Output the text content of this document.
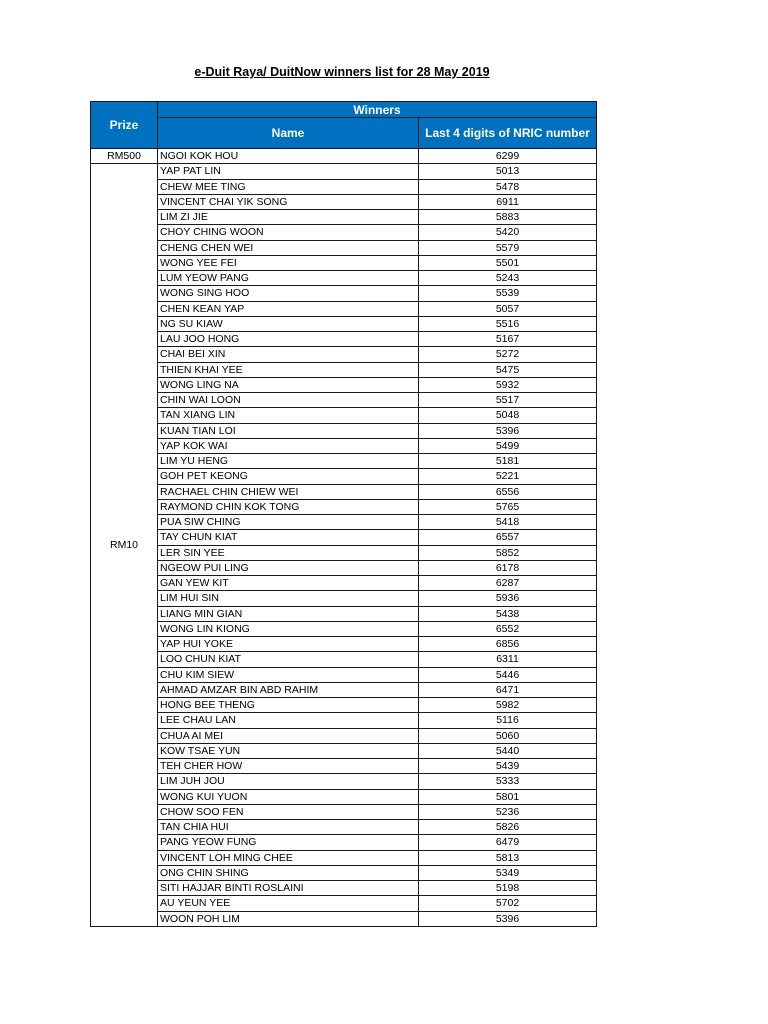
e-Duit Raya/ DuitNow winners list for 28 May 2019
Prize	Winners	
	Name	Last 4 digits of NRIC number
RM500	NGOI KOK HOU	6299
RM10	YAP PAT LIN	5013
	CHEW MEE TING	5478
	VINCENT CHAI YIK SONG	6911
	LIM ZI JIE	5883
	CHOY CHING WOON	5420
	CHENG CHEN WEI	5579
	WONG YEE FEI	5501
	LUM YEOW PANG	5243
	WONG SING HOO	5539
	CHEN KEAN YAP	5057
	NG SU KIAW	5516
	LAU JOO HONG	5167
	CHAI BEI XIN	5272
	THIEN KHAI YEE	5475
	WONG LING NA	5932
	CHIN WAI LOON	5517
	TAN XIANG LIN	5048
	KUAN TIAN LOI	5396
	YAP KOK WAI	5499
	LIM YU HENG	5181
	GOH PET KEONG	5221
	RACHAEL CHIN CHIEW WEI	6556
	RAYMOND CHIN KOK TONG	5765
	PUA SIW CHING	5418
	TAY CHUN KIAT	6557
	LER SIN YEE	5852
	NGEOW PUI LING	6178
	GAN YEW KIT	6287
	LIM HUI SIN	5936
	LIANG MIN GIAN	5438
	WONG LIN KIONG	6552
	YAP HUI YOKE	6856
	LOO CHUN KIAT	6311
	CHU KIM SIEW	5446
	AHMAD AMZAR BIN ABD RAHIM	6471
	HONG BEE THENG	5982
	LEE CHAU LAN	5116
	CHUA AI MEI	5060
	KOW TSAE YUN	5440
	TEH CHER HOW	5439
	LIM JUH JOU	5333
	WONG KUI YUON	5801
	CHOW SOO FEN	5236
	TAN CHIA HUI	5826
	PANG YEOW FUNG	6479
	VINCENT LOH MING CHEE	5813
	ONG CHIN SHING	5349
	SITI HAJJAR BINTI ROSLAINI	5198
	AU YEUN YEE	5702
	WOON POH LIM	5396
